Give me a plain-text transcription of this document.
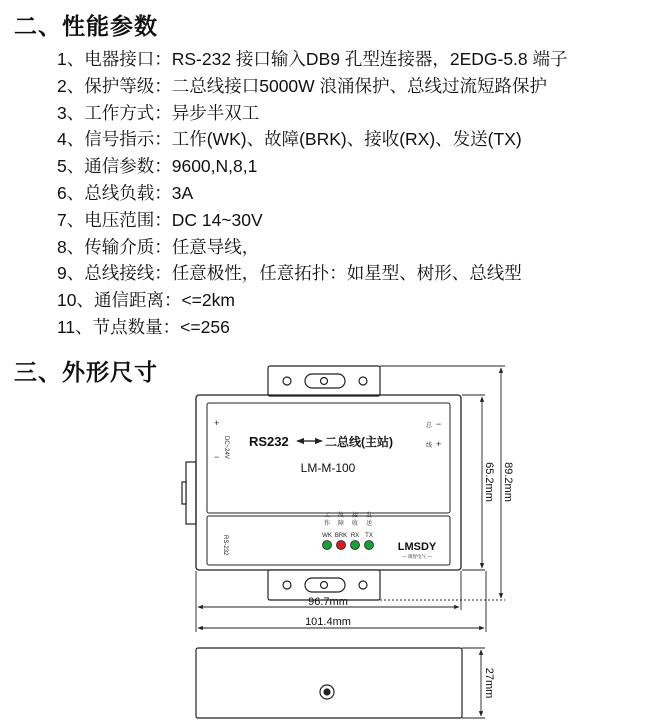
二、性能参数
1、电器接口：RS-232 接口输入DB9 孔型连接器，2EDG-5.8 端子
2、保护等级：二总线接口5000W 浪涌保护、总线过流短路保护
3、工作方式：异步半双工
4、信号指示：工作(WK)、故障(BRK)、接收(RX)、发送(TX)
5、通信参数：9600,N,8,1
6、总线负载：3A
7、电压范围：DC 14~30V
8、传输介质：任意导线，
9、总线接线：任意极性，任意拓扑：如星型、树形、总线型
10、通信距离：<=2km
11、节点数量：<=256
三、外形尺寸
+
− DC~24V
−
总
线 +
RS232	二总线(主站)
LM-M-100
RS-232
工
作
WK
故
障
BRK
接
收
RX
发
送
TX
LMSDY
— 微智电气 —
96.7mm
101.4mm
65.2mm 89.2mm
27mm
